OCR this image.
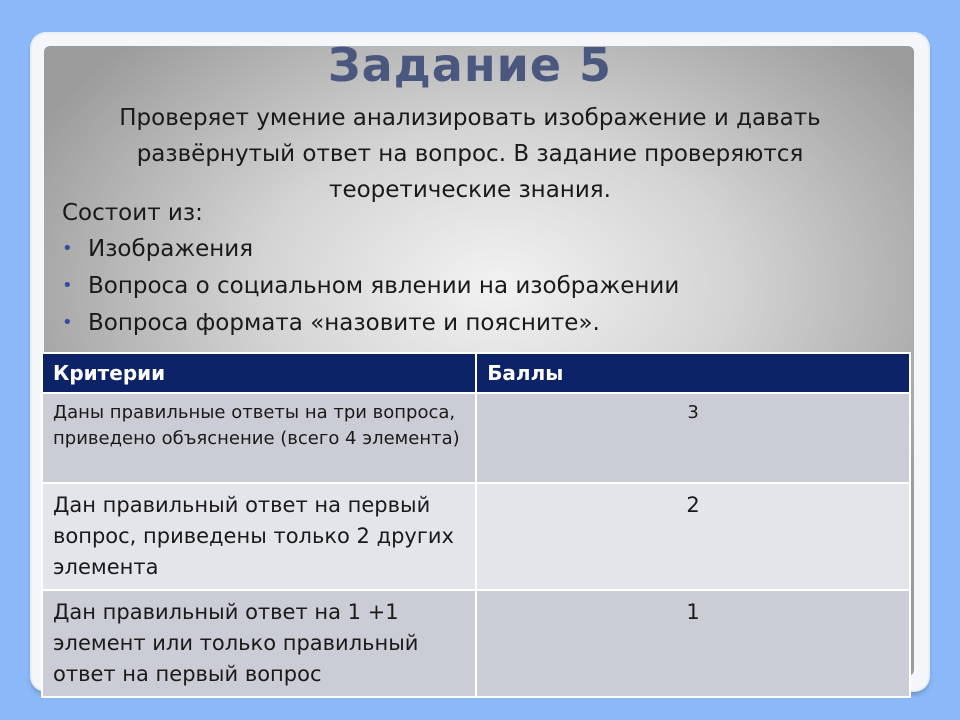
Задание 5
Проверяет умение анализировать изображение и давать развёрнутый ответ на вопрос. В задание проверяются теоретические знания.
Состоит из:
• Изображения
• Вопроса о социальном явлении на изображении
• Вопроса формата «назовите и поясните».
Критерии	Баллы
Даны правильные ответы на три вопроса, приведено объяснение (всего 4 элемента)	3
Дан правильный ответ на первый вопрос, приведены только 2 других элемента	2
Дан правильный ответ на 1 +1 элемент или только правильный ответ на первый вопрос	1
